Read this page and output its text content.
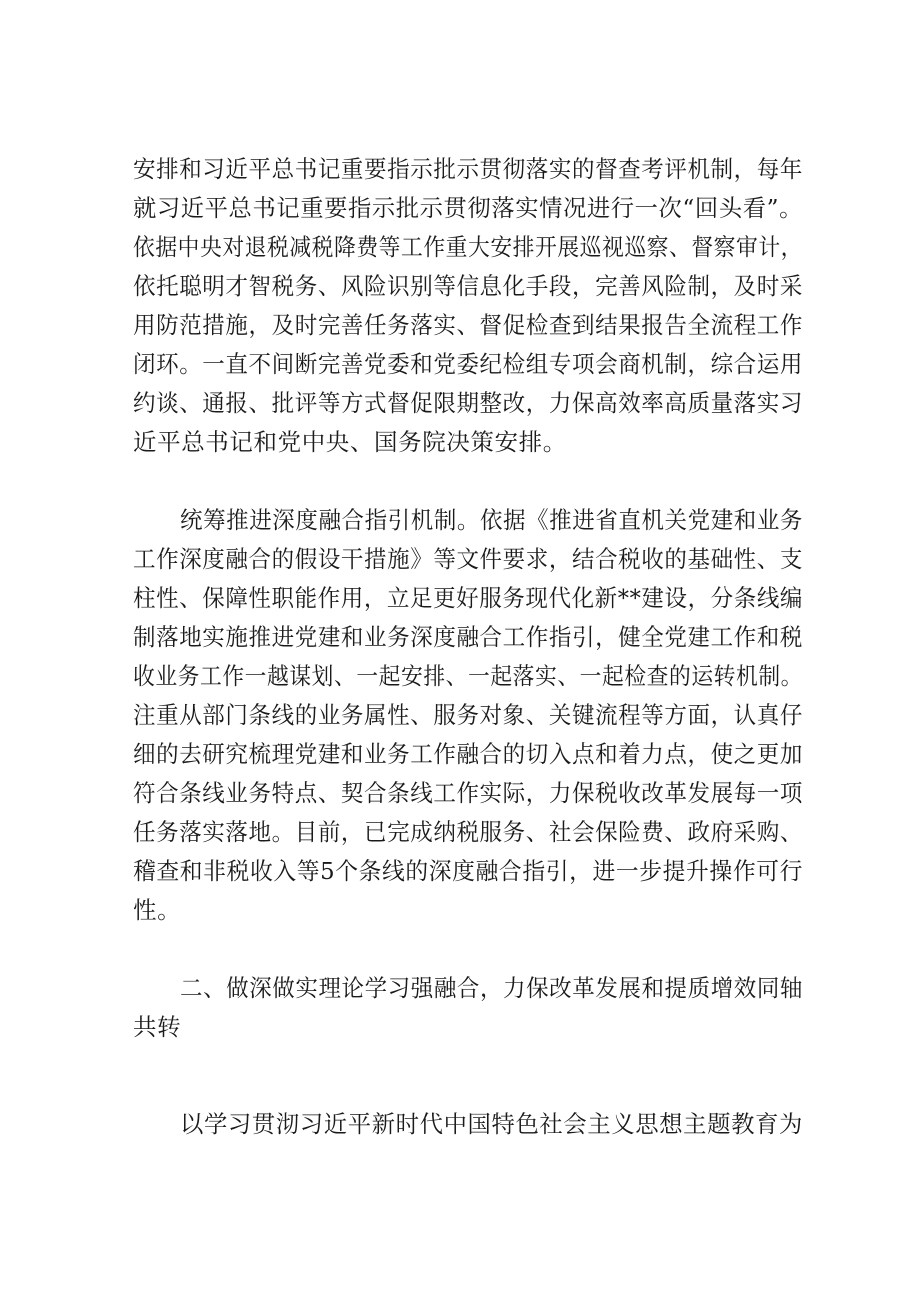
安排和习近平总书记重要指示批示贯彻落实的督查考评机制，每年
就习近平总书记重要指示批示贯彻落实情况进行一次“回头看”。
依据中央对退税减税降费等工作重大安排开展巡视巡察、督察审计，
依托聪明才智税务、风险识别等信息化手段，完善风险制，及时采
用防范措施，及时完善任务落实、督促检查到结果报告全流程工作
闭环。一直不间断完善党委和党委纪检组专项会商机制，综合运用
约谈、通报、批评等方式督促限期整改，力保高效率高质量落实习
近平总书记和党中央、国务院决策安排。
统筹推进深度融合指引机制。依据《推进省直机关党建和业务
工作深度融合的假设干措施》等文件要求，结合税收的基础性、支
柱性、保障性职能作用，立足更好服务现代化新**建设，分条线编
制落地实施推进党建和业务深度融合工作指引，健全党建工作和税
收业务工作一越谋划、一起安排、一起落实、一起检查的运转机制。
注重从部门条线的业务属性、服务对象、关键流程等方面，认真仔
细的去研究梳理党建和业务工作融合的切入点和着力点，使之更加
符合条线业务特点、契合条线工作实际，力保税收改革发展每一项
任务落实落地。目前，已完成纳税服务、社会保险费、政府采购、
稽查和非税收入等5个条线的深度融合指引，进一步提升操作可行
性。
二、做深做实理论学习强融合，力保改革发展和提质增效同轴
共转
以学习贯沏习近平新时代中国特色社会主义思想主题教育为
